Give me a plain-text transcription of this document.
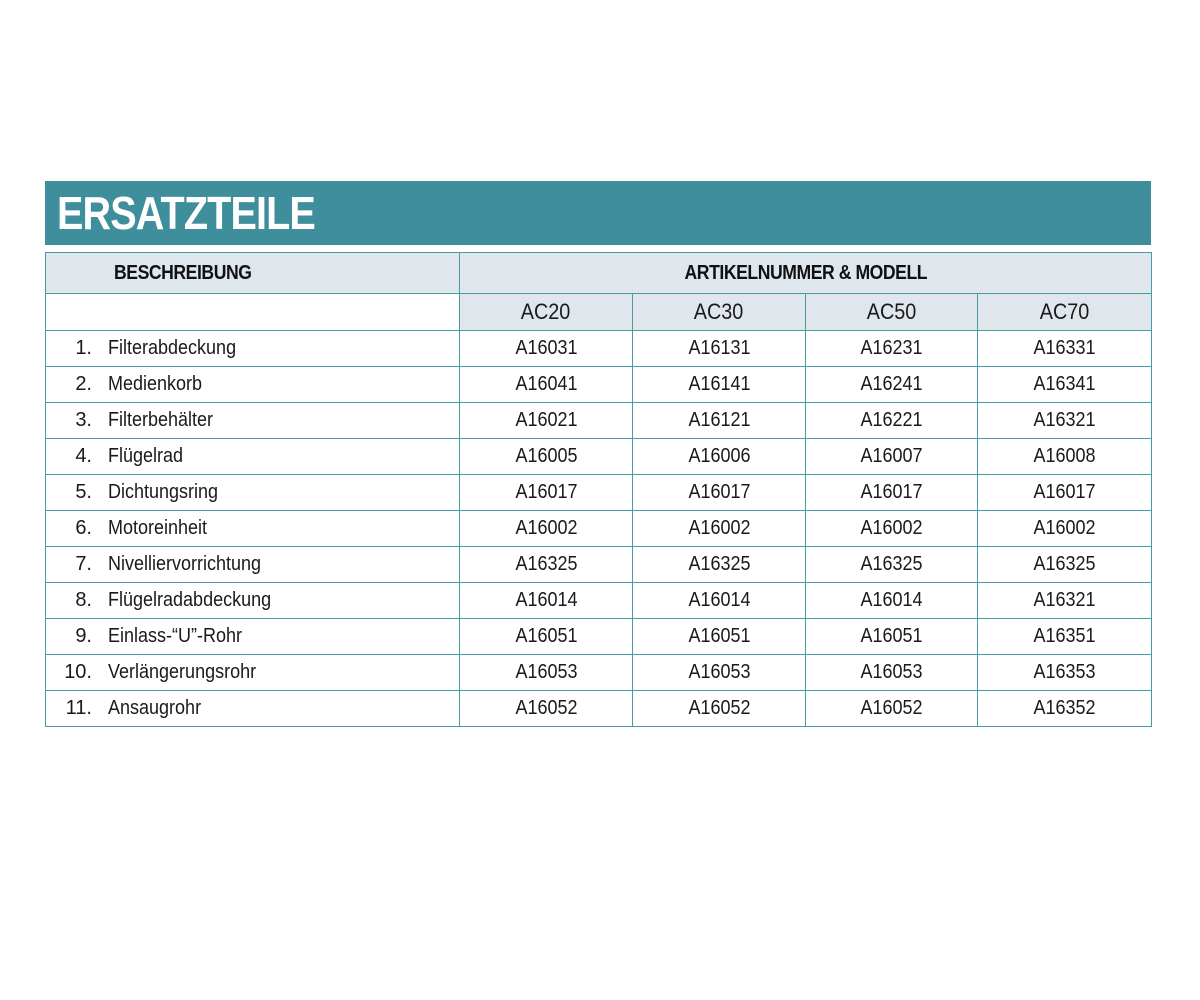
ERSATZTEILE
BESCHREIBUNG	ARTIKELNUMMER & MODELL			
	AC20	AC30	AC50	AC70
1. Filterabdeckung	A16031	A16131	A16231	A16331
2. Medienkorb	A16041	A16141	A16241	A16341
3. Filterbehälter	A16021	A16121	A16221	A16321
4. Flügelrad	A16005	A16006	A16007	A16008
5. Dichtungsring	A16017	A16017	A16017	A16017
6. Motoreinheit	A16002	A16002	A16002	A16002
7. Nivelliervorrichtung	A16325	A16325	A16325	A16325
8. Flügelradabdeckung	A16014	A16014	A16014	A16321
9. Einlass-“U”-Rohr	A16051	A16051	A16051	A16351
10. Verlängerungsrohr	A16053	A16053	A16053	A16353
11. Ansaugrohr	A16052	A16052	A16052	A16352
